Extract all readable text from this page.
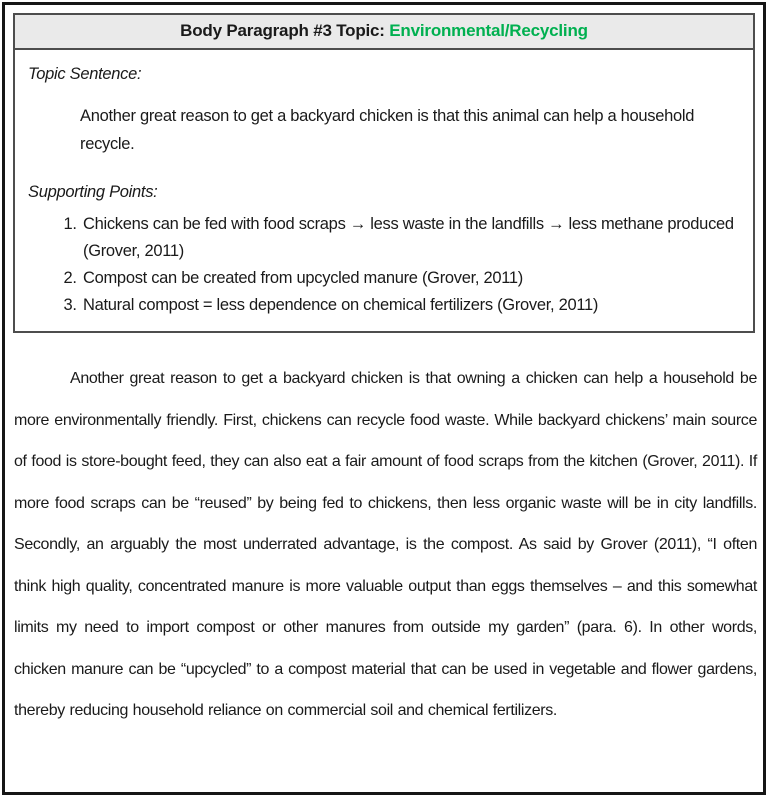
Body Paragraph #3 Topic: Environmental/Recycling
Topic Sentence:

Another great reason to get a backyard chicken is that this animal can help a household recycle.

Supporting Points:
1. Chickens can be fed with food scraps → less waste in the landfills → less methane produced (Grover, 2011)
2. Compost can be created from upcycled manure (Grover, 2011)
3. Natural compost = less dependence on chemical fertilizers (Grover, 2011)

Another great reason to get a backyard chicken is that owning a chicken can help a household be more environmentally friendly. First, chickens can recycle food waste. While backyard chickens’ main source of food is store-bought feed, they can also eat a fair amount of food scraps from the kitchen (Grover, 2011). If more food scraps can be “reused” by being fed to chickens, then less organic waste will be in city landfills. Secondly, an arguably the most underrated advantage, is the compost. As said by Grover (2011), “I often think high quality, concentrated manure is more valuable output than eggs themselves – and this somewhat limits my need to import compost or other manures from outside my garden” (para. 6). In other words, chicken manure can be “upcycled” to a compost material that can be used in vegetable and flower gardens, thereby reducing household reliance on commercial soil and chemical fertilizers.
